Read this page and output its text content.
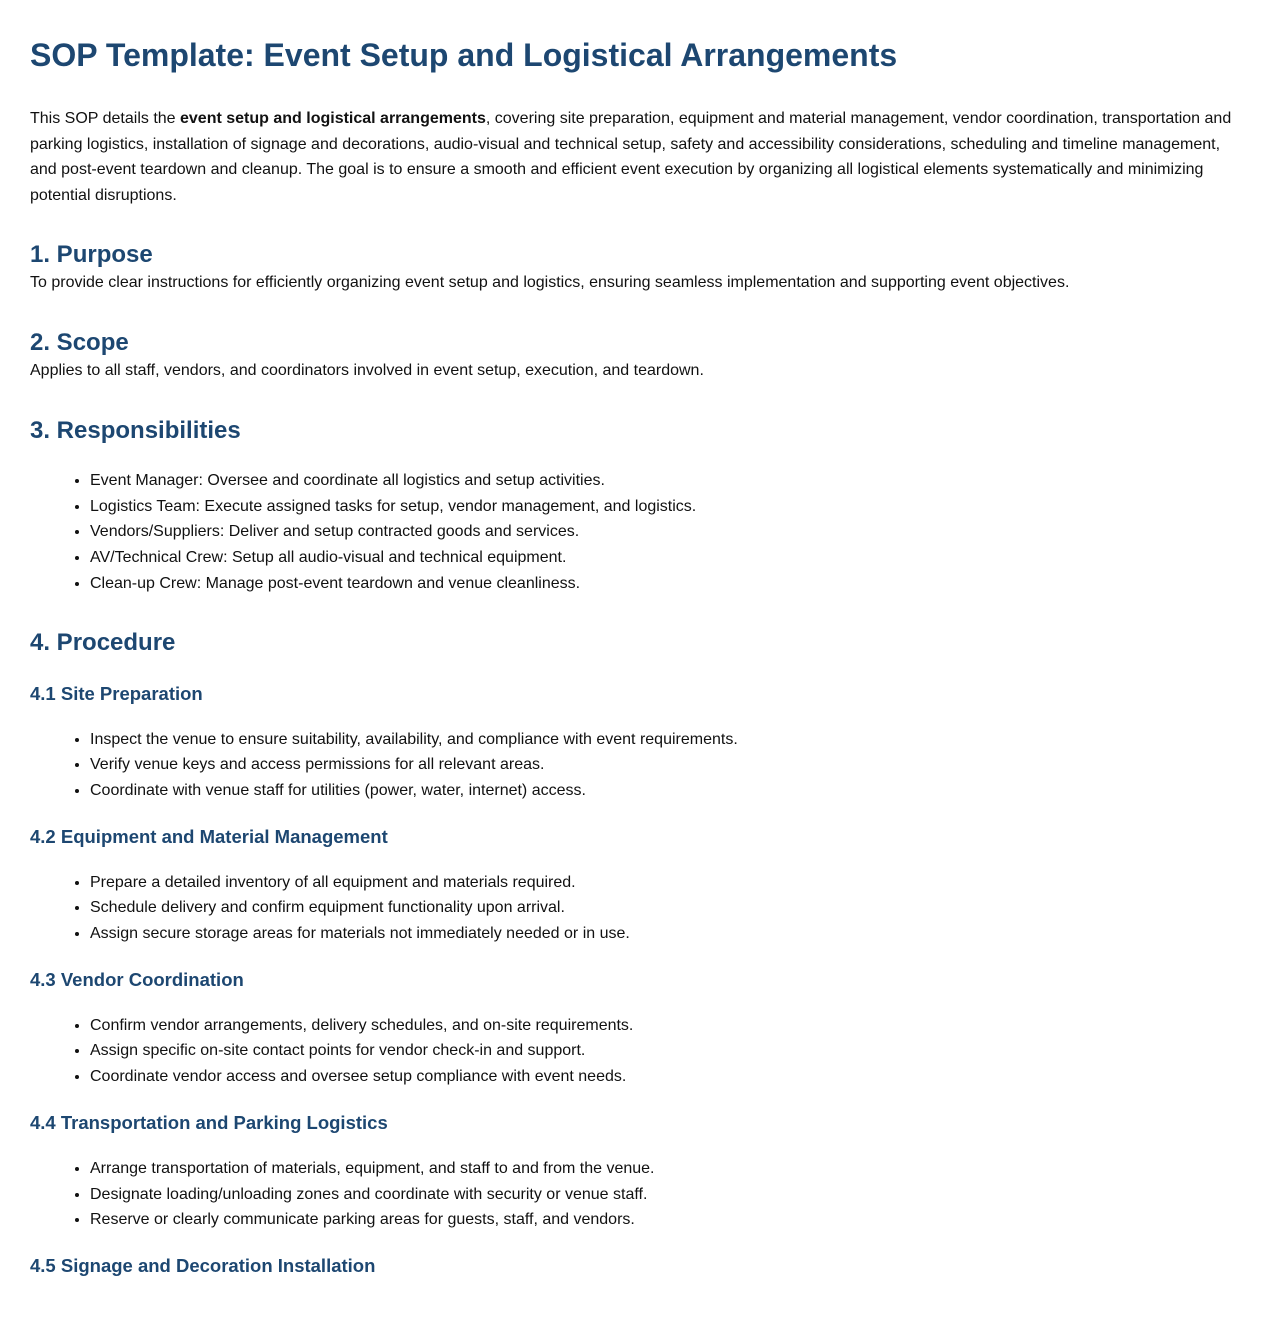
SOP Template: Event Setup and Logistical Arrangements

This SOP details the event setup and logistical arrangements, covering site preparation, equipment and material management, vendor coordination, transportation and parking logistics, installation of signage and decorations, audio-visual and technical setup, safety and accessibility considerations, scheduling and timeline management, and post-event teardown and cleanup. The goal is to ensure a smooth and efficient event execution by organizing all logistical elements systematically and minimizing potential disruptions.

1. Purpose

To provide clear instructions for efficiently organizing event setup and logistics, ensuring seamless implementation and supporting event objectives.

2. Scope

Applies to all staff, vendors, and coordinators involved in event setup, execution, and teardown.

3. Responsibilities
• Event Manager: Oversee and coordinate all logistics and setup activities.
• Logistics Team: Execute assigned tasks for setup, vendor management, and logistics.
• Vendors/Suppliers: Deliver and setup contracted goods and services.
• AV/Technical Crew: Setup all audio-visual and technical equipment.
• Clean-up Crew: Manage post-event teardown and venue cleanliness.
4. Procedure
4.1 Site Preparation
• Inspect the venue to ensure suitability, availability, and compliance with event requirements.
• Verify venue keys and access permissions for all relevant areas.
• Coordinate with venue staff for utilities (power, water, internet) access.
4.2 Equipment and Material Management
• Prepare a detailed inventory of all equipment and materials required.
• Schedule delivery and confirm equipment functionality upon arrival.
• Assign secure storage areas for materials not immediately needed or in use.
4.3 Vendor Coordination
• Confirm vendor arrangements, delivery schedules, and on-site requirements.
• Assign specific on-site contact points for vendor check-in and support.
• Coordinate vendor access and oversee setup compliance with event needs.
4.4 Transportation and Parking Logistics
• Arrange transportation of materials, equipment, and staff to and from the venue.
• Designate loading/unloading zones and coordinate with security or venue staff.
• Reserve or clearly communicate parking areas for guests, staff, and vendors.
4.5 Signage and Decoration Installation
